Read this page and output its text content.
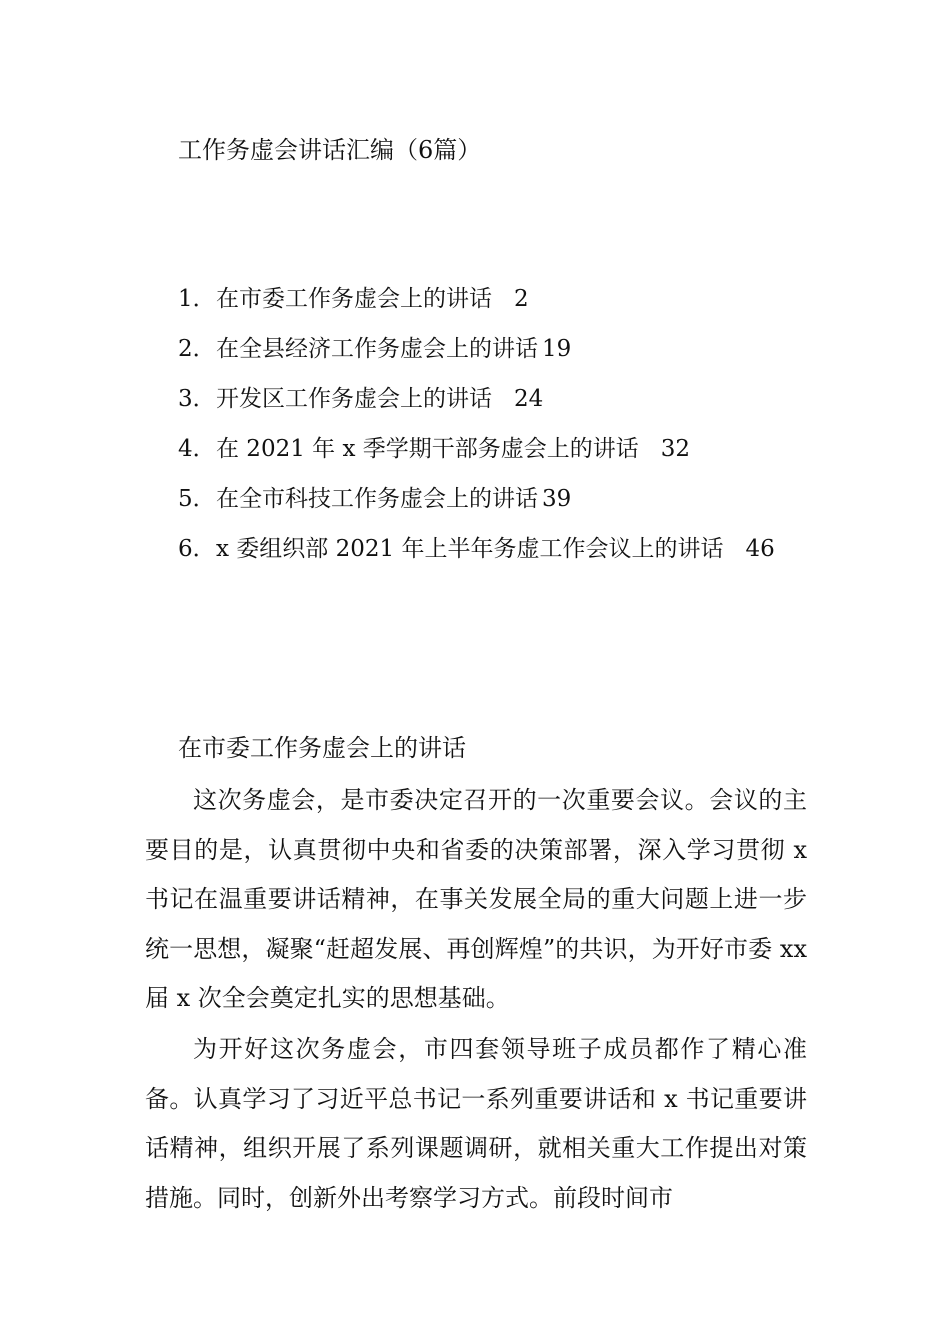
工作务虚会讲话汇编（6篇）
1．在市委工作务虚会上的讲话 2
2．在全县经济工作务虚会上的讲话 19
3．开发区工作务虚会上的讲话 24
4．在 2021 年 x 季学期干部务虚会上的讲话 32
5．在全市科技工作务虚会上的讲话 39
6．x 委组织部 2021 年上半年务虚工作会议上的讲话 46
在市委工作务虚会上的讲话

这次务虚会，是市委决定召开的一次重要会议。会议的主要目的是，认真贯彻中央和省委的决策部署，深入学习贯彻 x 书记在温重要讲话精神，在事关发展全局的重大问题上进一步统一思想，凝聚“赶超发展、再创辉煌”的共识，为开好市委 xx 届 x 次全会奠定扎实的思想基础。

为开好这次务虚会，市四套领导班子成员都作了精心准备。认真学习了习近平总书记一系列重要讲话和 x 书记重要讲话精神，组织开展了系列课题调研，就相关重大工作提出对策措施。同时，创新外出考察学习方式。前段时间市
